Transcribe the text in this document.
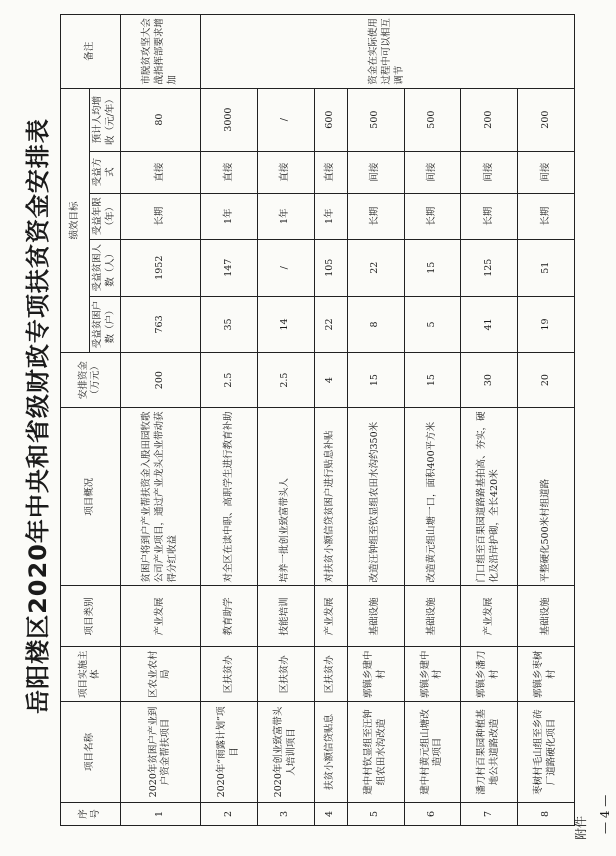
岳阳楼区2020年中央和省级财政专项扶贫资金安排表
序号	项目名称	项目实施主体	项目类别	项目概况	安排资金（万元）	绩效目标					备注
						受益贫困户数（户）	受益贫困人数（人）	受益年限（年）	受益方式	预计人均增收（元/年）	
1	2020年贫困户产业到户资金帮扶项目	区农业农村局	产业发展	贫困户将到户产业帮扶资金入股田园牧歌公司产业项目，通过产业龙头企业带动获得分红收益	200	763	1952	长期	直接	80	市脱贫攻坚大会战指挥部要求增加
2	2020年“雨露计划”项目	区扶贫办	教育助学	对全区在读中职、高职学生进行教育补助	2.5	35	147	1年	直接	3000	资金在实际使用过程中可以相互调节
3	2020年创业致富带头人培训项目	区扶贫办	技能培训	培养一批创业致富带头人	2.5	14	/	1年	直接	/	
4	扶贫小额信贷贴息	区扶贫办	产业发展	对扶贫小额信贷贫困户进行贴息补贴	4	22	105	1年	直接	600	
5	建中村钦显组至汪钟组农田水沟改造	郭镇乡建中村	基础设施	改造汪钟组至钦显组农田水沟约350米	15	8	22	长期	间接	500	
6	建中村黄元组山塘改造项目	郭镇乡建中村	基础设施	改造黄元组山塘一口，面积400平方米	15	5	15	长期	间接	500	
7	潘刀村百果园种植基地公共道路改造	郭镇乡潘刀村	产业发展	门口组至百果园道路路基拍高、夯实，硬化及沿岸护砌，全长420米	30	41	125	长期	间接	200	
8	枣树村毛山组至乡砖厂道路硬化项目	郭镇乡枣树村	基础设施	平整硬化500米村组道路	20	19	51	长期	间接	200	
附件 — 4 —
